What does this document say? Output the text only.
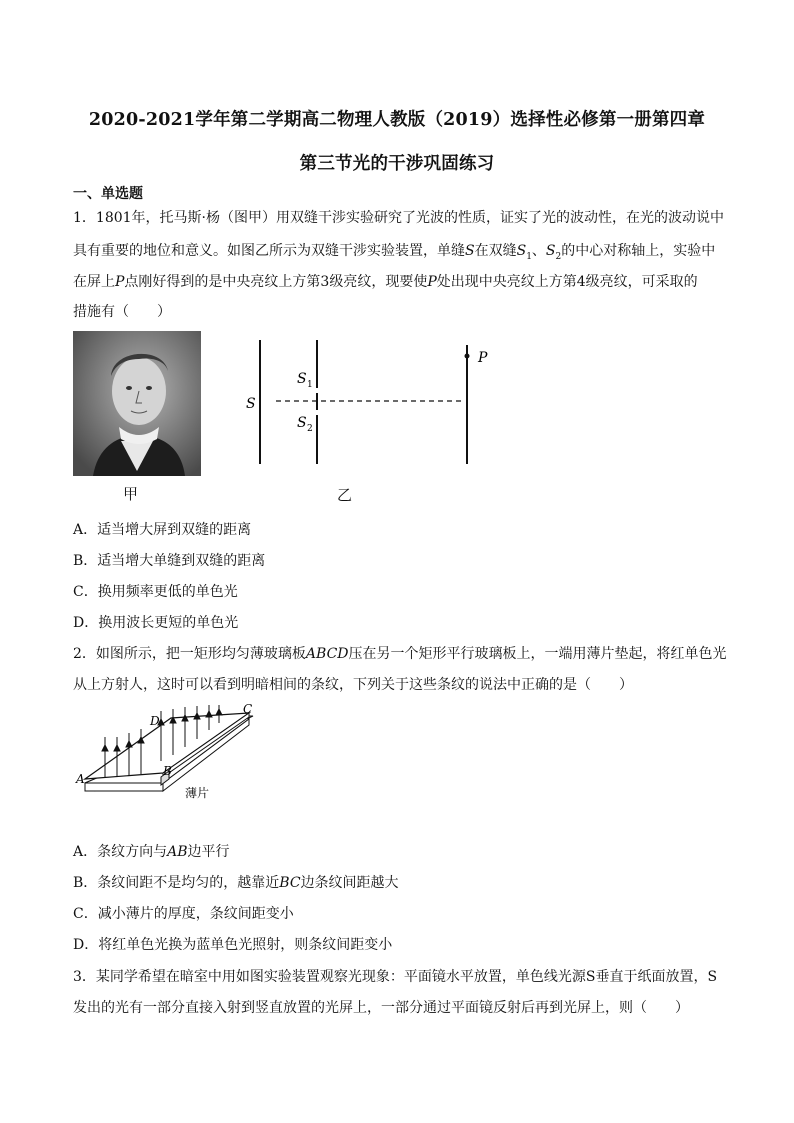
2020-2021学年第二学期高二物理人教版（2019）选择性必修第一册第四章
第三节光的干涉巩固练习
一、单选题
1．1801年，托马斯·杨（图甲）用双缝干涉实验研究了光波的性质，证实了光的波动性，在光的波动说中
具有重要的地位和意义。如图乙所示为双缝干涉实验装置，单缝S在双缝$S_1$、$S_2$的中心对称轴上，实验中
在屏上P点刚好得到的是中央亮纹上方第3级亮纹，现要使P处出现中央亮纹上方第4级亮纹，可采取的
措施有（　　）
甲
S
S 1
S 2
P
乙
A．适当增大屏到双缝的距离
B．适当增大单缝到双缝的距离
C．换用频率更低的单色光
D．换用波长更短的单色光
2．如图所示，把一矩形均匀薄玻璃板ABCD压在另一个矩形平行玻璃板上，一端用薄片垫起，将红单色光
从上方射人，这时可以看到明暗相间的条纹，下列关于这些条纹的说法中正确的是（　　）
A
B
C
D
薄片
A．条纹方向与AB边平行
B．条纹间距不是均匀的，越靠近BC边条纹间距越大
C．减小薄片的厚度，条纹间距变小
D．将红单色光换为蓝单色光照射，则条纹间距变小
3．某同学希望在暗室中用如图实验装置观察光现象：平面镜水平放置，单色线光源S垂直于纸面放置，S
发出的光有一部分直接入射到竖直放置的光屏上，一部分通过平面镜反射后再到光屏上，则（　　）
